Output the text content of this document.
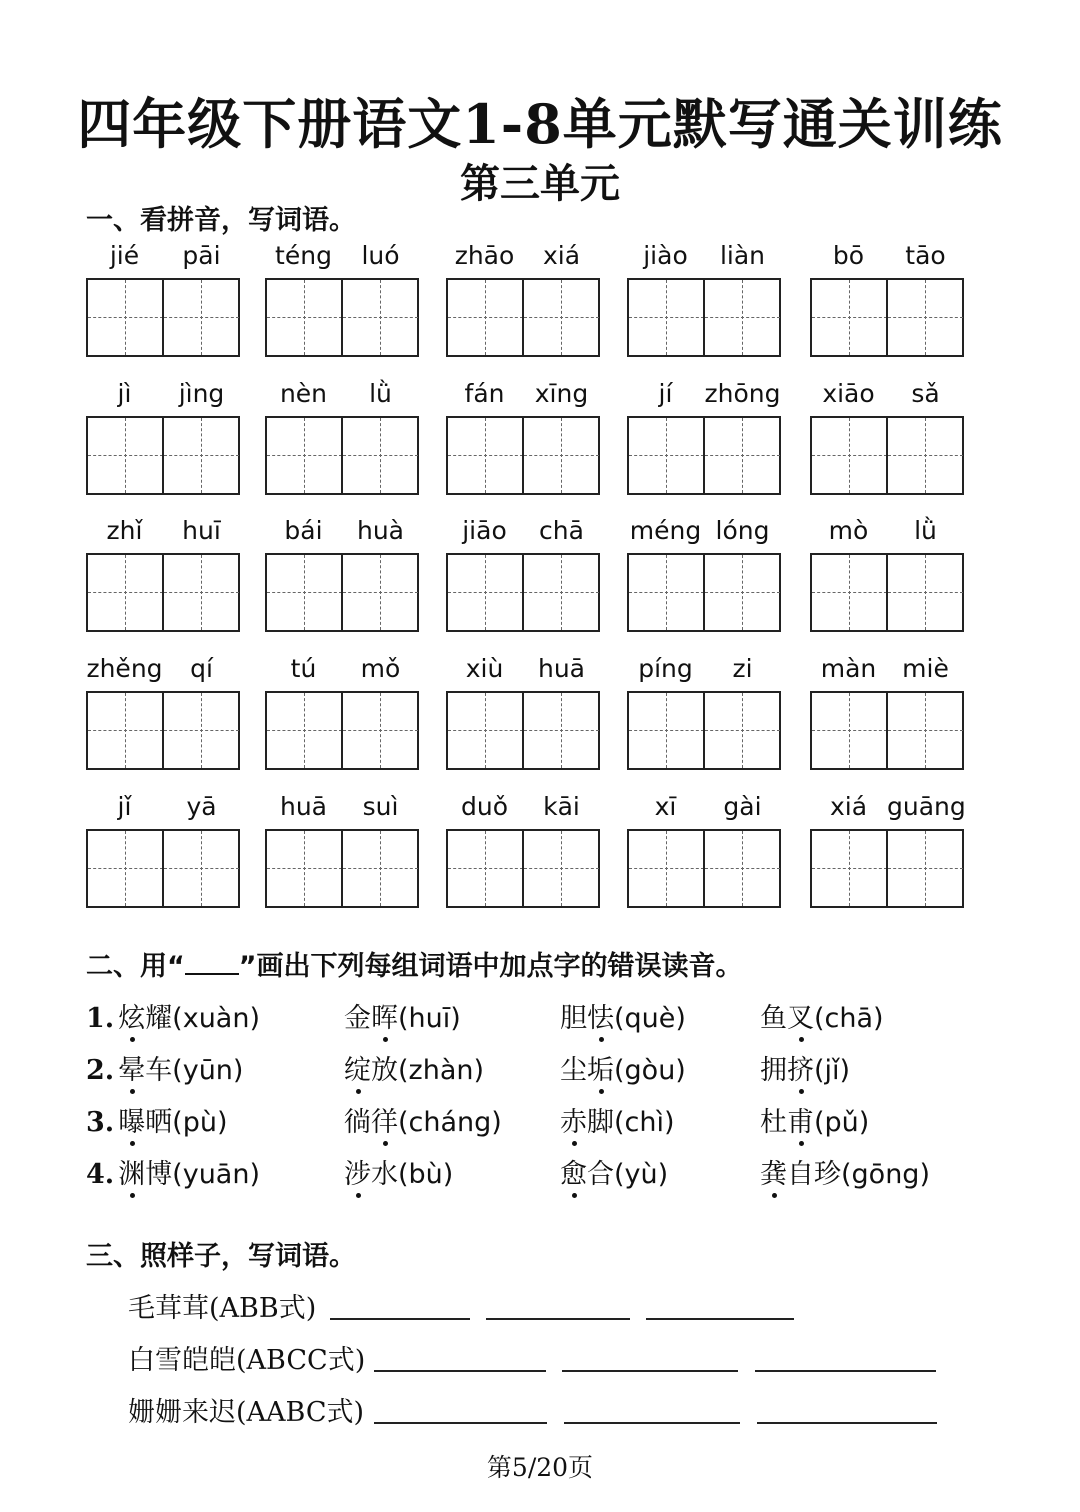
四年级下册语文1-8单元默写通关训练
第三单元
一、看拼音，写词语。
jié	pāi	téng	luó	zhāo	xiá	jiào	liàn	bō	tāo
jì	jìng	nèn	lǜ	fán	xīng	jí	zhōng	xiāo	sǎ
zhǐ	huī	bái	huà	jiāo	chā	méng lóng	mò	lǜ
zhěng	qí	tú	mǒ	xiù	huā	píng	zi	màn	miè
jǐ	yā	huā	suì	duǒ	kāi	xī	gài	xiá guāng
二、用“ ”画出下列每组词语中加点字的错误读音。
1. 炫耀(xuàn)	金晖(huī)	胆怯(què)	鱼叉(chā)
2. 晕车(yūn)	绽放(zhàn)	尘垢(gòu)	拥挤(jǐ)
3. 曝晒(pù)	徜徉(cháng) 赤脚(chì)	杜甫(pǔ)
4. 渊博(yuān)	涉水(bù)	愈合(yù)	龚自珍(gōng)
三、照样子，写词语。
毛茸茸(ABB式)
白雪皑皑(ABCC式)
姗姗来迟(AABC式)
第5/20页
